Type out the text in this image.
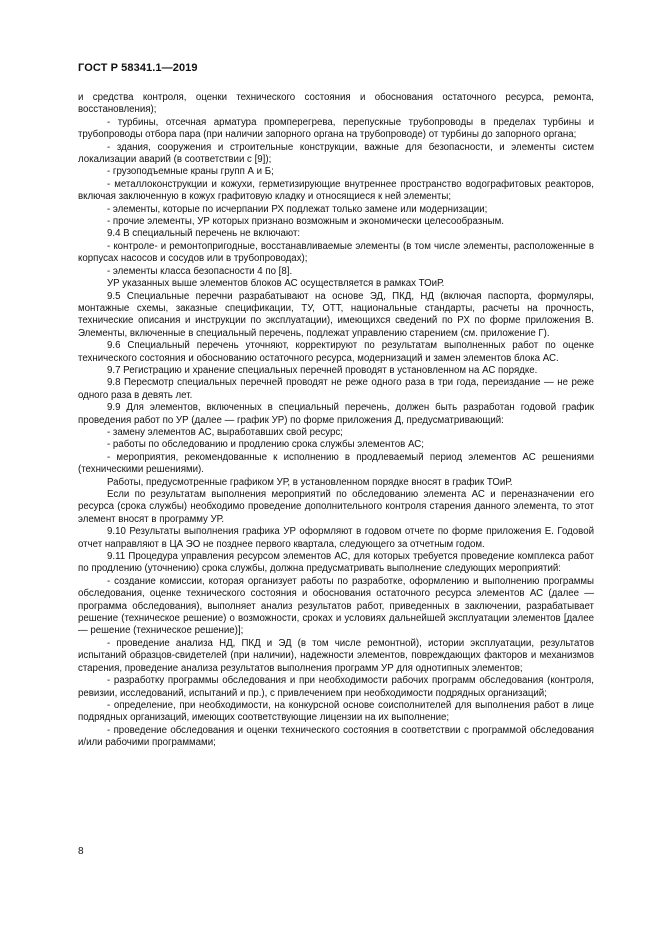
ГОСТ Р 58341.1—2019

и средства контроля, оценки технического состояния и обоснования остаточного ресурса, ремонта, восстановления);

- турбины, отсечная арматура промперегрева, перепускные трубопроводы в пределах турбины и трубопроводы отбора пара (при наличии запорного органа на трубопроводе) от турбины до запорного органа;

- здания, сооружения и строительные конструкции, важные для безопасности, и элементы систем локализации аварий (в соответствии с [9]);

- грузоподъемные краны групп А и Б;

- металлоконструкции и кожухи, герметизирующие внутреннее пространство водографитовых реакторов, включая заключенную в кожух графитовую кладку и относящиеся к ней элементы;

- элементы, которые по исчерпании РХ подлежат только замене или модернизации;

- прочие элементы, УР которых признано возможным и экономически целесообразным.

9.4 В специальный перечень не включают:

- контроле- и ремонтопригодные, восстанавливаемые элементы (в том числе элементы, расположенные в корпусах насосов и сосудов или в трубопроводах);

- элементы класса безопасности 4 по [8].

УР указанных выше элементов блоков АС осуществляется в рамках ТОиР.

9.5 Специальные перечни разрабатывают на основе ЭД, ПКД, НД (включая паспорта, формуляры, монтажные схемы, заказные спецификации, ТУ, ОТТ, национальные стандарты, расчеты на прочность, технические описания и инструкции по эксплуатации), имеющихся сведений по РХ по форме приложения В. Элементы, включенные в специальный перечень, подлежат управлению старением (см. приложение Г).

9.6 Специальный перечень уточняют, корректируют по результатам выполненных работ по оценке технического состояния и обоснованию остаточного ресурса, модернизаций и замен элементов блока АС.

9.7 Регистрацию и хранение специальных перечней проводят в установленном на АС порядке.

9.8 Пересмотр специальных перечней проводят не реже одного раза в три года, переиздание — не реже одного раза в девять лет.

9.9 Для элементов, включенных в специальный перечень, должен быть разработан годовой график проведения работ по УР (далее — график УР) по форме приложения Д, предусматривающий:

- замену элементов АС, выработавших свой ресурс;

- работы по обследованию и продлению срока службы элементов АС;

- мероприятия, рекомендованные к исполнению в продлеваемый период элементов АС решениями (техническими решениями).

Работы, предусмотренные графиком УР, в установленном порядке вносят в график ТОиР.

Если по результатам выполнения мероприятий по обследованию элемента АС и переназначении его ресурса (срока службы) необходимо проведение дополнительного контроля старения данного элемента, то этот элемент вносят в программу УР.

9.10 Результаты выполнения графика УР оформляют в годовом отчете по форме приложения Е. Годовой отчет направляют в ЦА ЭО не позднее первого квартала, следующего за отчетным годом.

9.11 Процедура управления ресурсом элементов АС, для которых требуется проведение комплекса работ по продлению (уточнению) срока службы, должна предусматривать выполнение следующих мероприятий:

- создание комиссии, которая организует работы по разработке, оформлению и выполнению программы обследования, оценке технического состояния и обоснования остаточного ресурса элементов АС (далее — программа обследования), выполняет анализ результатов работ, приведенных в заключении, разрабатывает решение (техническое решение) о возможности, сроках и условиях дальнейшей эксплуатации элементов [далее — решение (техническое решение)];

- проведение анализа НД, ПКД и ЭД (в том числе ремонтной), истории эксплуатации, результатов испытаний образцов-свидетелей (при наличии), надежности элементов, повреждающих факторов и механизмов старения, проведение анализа результатов выполнения программ УР для однотипных элементов;

- разработку программы обследования и при необходимости рабочих программ обследования (контроля, ревизии, исследований, испытаний и пр.), с привлечением при необходимости подрядных организаций;

- определение, при необходимости, на конкурсной основе соисполнителей для выполнения работ в лице подрядных организаций, имеющих соответствующие лицензии на их выполнение;

- проведение обследования и оценки технического состояния в соответствии с программой обследования и/или рабочими программами;

8
